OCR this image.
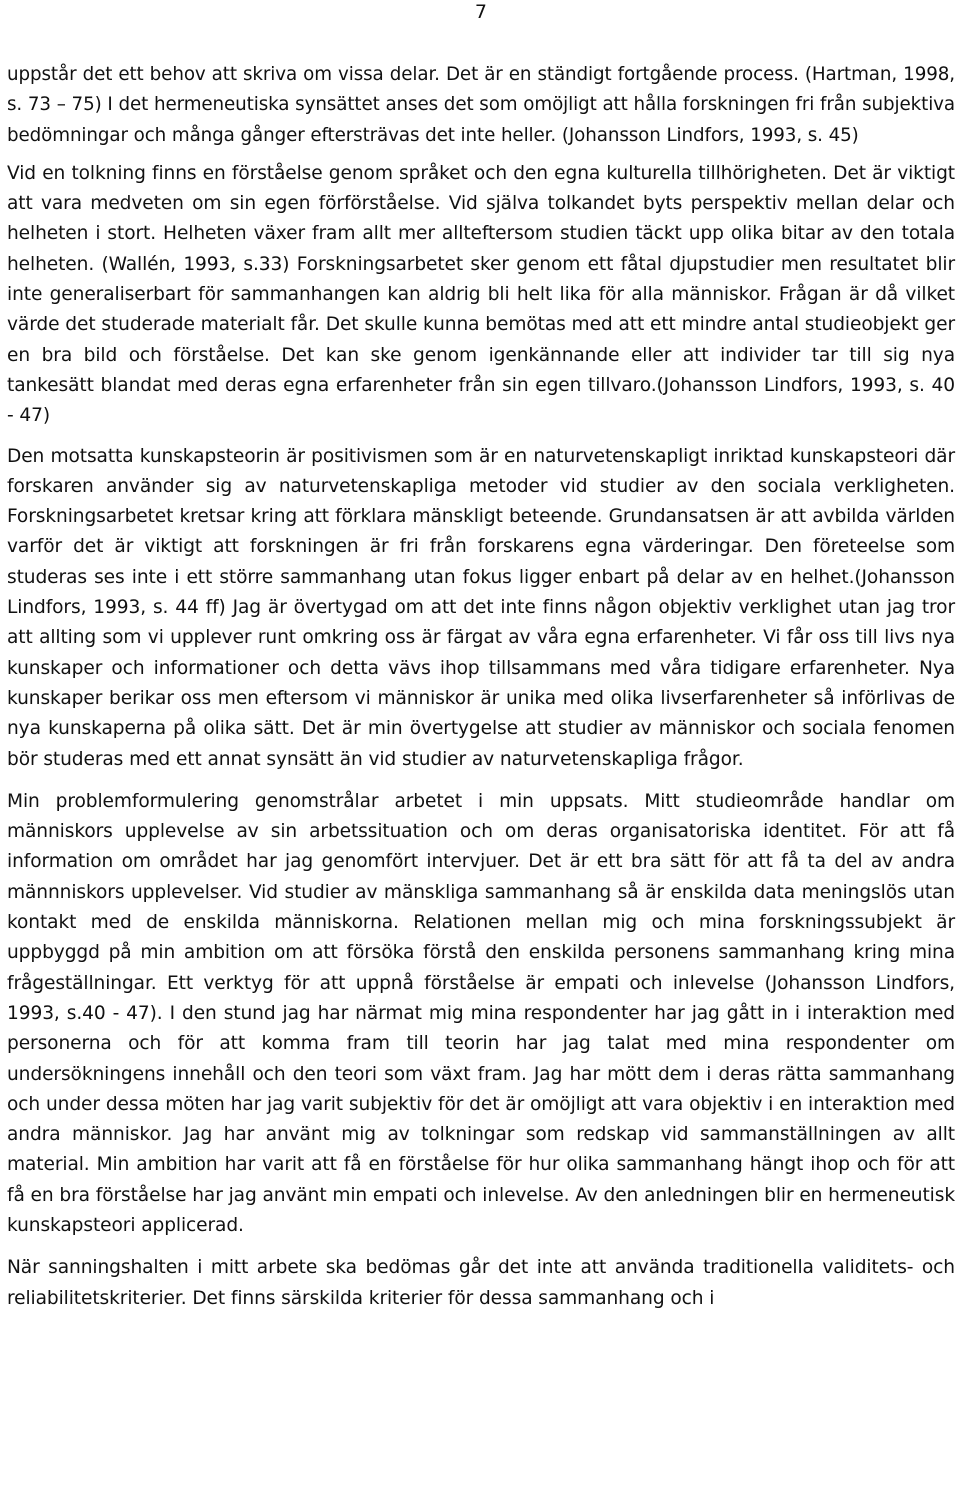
7

uppstår det ett behov att skriva om vissa delar. Det är en ständigt fortgående process. (Hartman, 1998, s. 73 – 75) I det hermeneutiska synsättet anses det som omöjligt att hålla forskningen fri från subjektiva bedömningar och många gånger eftersträvas det inte heller. (Johansson Lindfors, 1993, s. 45)

Vid en tolkning finns en förståelse genom språket och den egna kulturella tillhörigheten. Det är viktigt att vara medveten om sin egen förförståelse. Vid själva tolkandet byts perspektiv mellan delar och helheten i stort. Helheten växer fram allt mer allteftersom studien täckt upp olika bitar av den totala helheten. (Wallén, 1993, s.33) Forskningsarbetet sker genom ett fåtal djupstudier men resultatet blir inte generaliserbart för sammanhangen kan aldrig bli helt lika för alla människor. Frågan är då vilket värde det studerade materialt får. Det skulle kunna bemötas med att ett mindre antal studieobjekt ger en bra bild och förståelse. Det kan ske genom igenkännande eller att individer tar till sig nya tankesätt blandat med deras egna erfarenheter från sin egen tillvaro.(Johansson Lindfors, 1993, s. 40 - 47)

Den motsatta kunskapsteorin är positivismen som är en naturvetenskapligt inriktad kunskapsteori där forskaren använder sig av naturvetenskapliga metoder vid studier av den sociala verkligheten. Forskningsarbetet kretsar kring att förklara mänskligt beteende. Grundansatsen är att avbilda världen varför det är viktigt att forskningen är fri från forskarens egna värderingar. Den företeelse som studeras ses inte i ett större sammanhang utan fokus ligger enbart på delar av en helhet.(Johansson Lindfors, 1993, s. 44 ff) Jag är övertygad om att det inte finns någon objektiv verklighet utan jag tror att allting som vi upplever runt omkring oss är färgat av våra egna erfarenheter. Vi får oss till livs nya kunskaper och informationer och detta vävs ihop tillsammans med våra tidigare erfarenheter. Nya kunskaper berikar oss men eftersom vi människor är unika med olika livserfarenheter så införlivas de nya kunskaperna på olika sätt. Det är min övertygelse att studier av människor och sociala fenomen bör studeras med ett annat synsätt än vid studier av naturvetenskapliga frågor.

Min problemformulering genomstrålar arbetet i min uppsats. Mitt studieområde handlar om människors upplevelse av sin arbetssituation och om deras organisatoriska identitet. För att få information om området har jag genomfört intervjuer. Det är ett bra sätt för att få ta del av andra männniskors upplevelser. Vid studier av mänskliga sammanhang så är enskilda data meningslös utan kontakt med de enskilda människorna. Relationen mellan mig och mina forskningssubjekt är uppbyggd på min ambition om att försöka förstå den enskilda personens sammanhang kring mina frågeställningar. Ett verktyg för att uppnå förståelse är empati och inlevelse (Johansson Lindfors, 1993, s.40 - 47). I den stund jag har närmat mig mina respondenter har jag gått in i interaktion med personerna och för att komma fram till teorin har jag talat med mina respondenter om undersökningens innehåll och den teori som växt fram. Jag har mött dem i deras rätta sammanhang och under dessa möten har jag varit subjektiv för det är omöjligt att vara objektiv i en interaktion med andra människor. Jag har använt mig av tolkningar som redskap vid sammanställningen av allt material. Min ambition har varit att få en förståelse för hur olika sammanhang hängt ihop och för att få en bra förståelse har jag använt min empati och inlevelse. Av den anledningen blir en hermeneutisk kunskapsteori applicerad.

När sanningshalten i mitt arbete ska bedömas går det inte att använda traditionella validitets- och reliabilitetskriterier. Det finns särskilda kriterier för dessa sammanhang och i
